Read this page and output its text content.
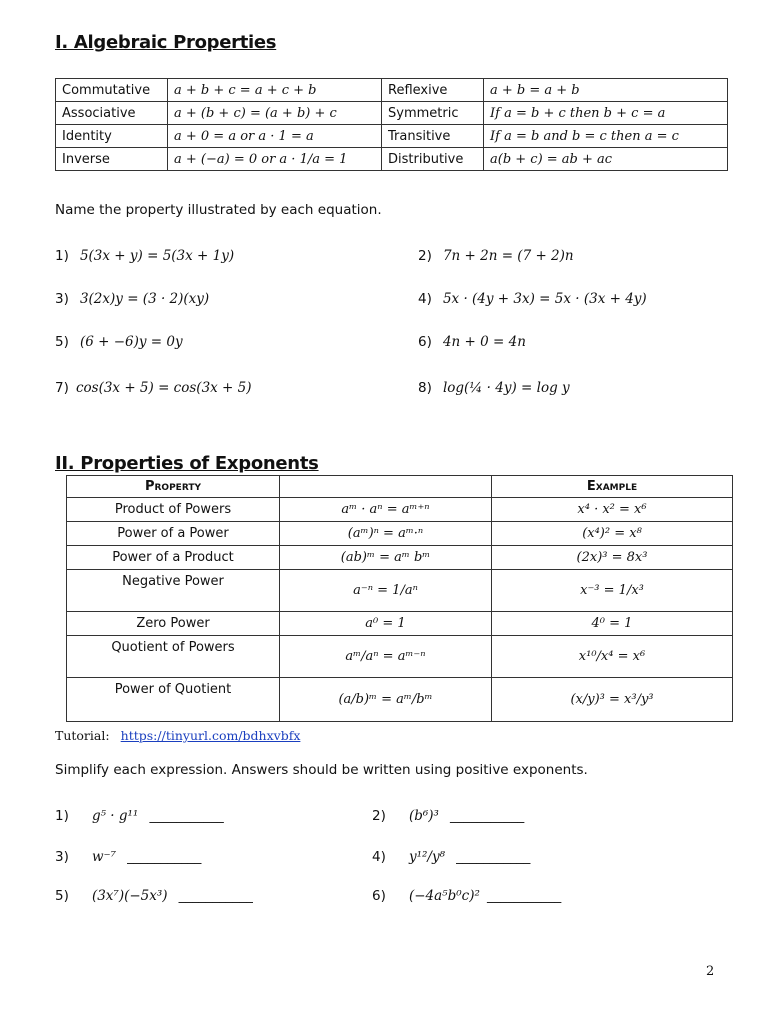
I. Algebraic Properties
Commutative	a + b + c = a + c + b	Reflexive	a + b = a + b
Associative	a + (b + c) = (a + b) + c	Symmetric	If a = b + c then b + c = a
Identity	a + 0 = a or a · 1 = a	Transitive	If a = b and b = c then a = c
Inverse	a + (−a) = 0 or a · 1/a = 1	Distributive	a(b + c) = ab + ac
Name the property illustrated by each equation.
1) 5(3x + y) = 5(3x + 1y)	2) 7n + 2n = (7 + 2)n
3) 3(2x)y = (3 · 2)(xy)	4) 5x · (4y + 3x) = 5x · (3x + 4y)
5) (6 + −6)y = 0y	6) 4n + 0 = 4n
7) cos(3x + 5) = cos(3x + 5)	8) log(¼ · 4y) = log y
II. Properties of Exponents
Property		Example
Product of Powers	aᵐ · aⁿ = aᵐ⁺ⁿ	x⁴ · x² = x⁶
Power of a Power	(aᵐ)ⁿ = aᵐ·ⁿ	(x⁴)² = x⁸
Power of a Product	(ab)ᵐ = aᵐ bᵐ	(2x)³ = 8x³
Negative Power	a⁻ⁿ = 1/aⁿ	x⁻³ = 1/x³
Zero Power	a⁰ = 1	4⁰ = 1
Quotient of Powers	aᵐ/aⁿ = aᵐ⁻ⁿ	x¹⁰/x⁴ = x⁶
Power of Quotient	(a/b)ᵐ = aᵐ/bᵐ	(x/y)³ = x³/y³
Tutorial: https://tinyurl.com/bdhxvbfx
Simplify each expression. Answers should be written using positive exponents.
1) g⁵ · g¹¹ ___________	2) (b⁶)³ ___________
3) w⁻⁷ ___________	4) y¹²/y⁸ ___________
5) (3x⁷)(−5x³) ___________	6) (−4a⁵b⁰c)² ___________
2
